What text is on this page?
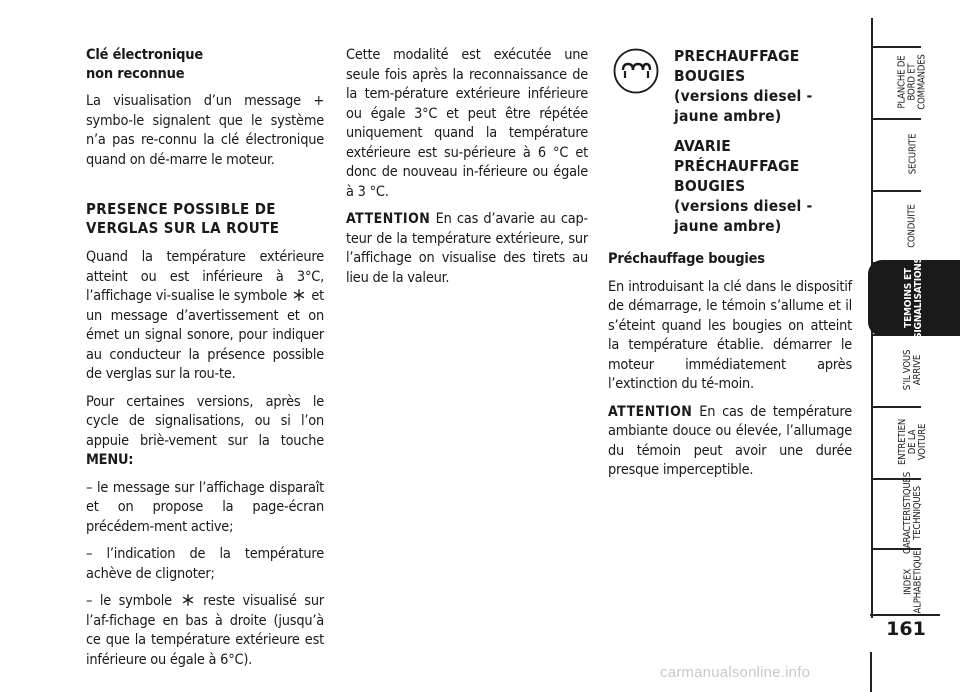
Clé électronique
non reconnue

La visualisation d’un message + symbo-le signalent que le système n’a pas re-connu la clé électronique quand on dé-marre le moteur.

PRESENCE POSSIBLE DE
VERGLAS SUR LA ROUTE

Quand la température extérieure atteint ou est inférieure à 3°C, l’affichage vi-sualise le symbole et un message d’avertissement et on émet un signal sonore, pour indiquer au conducteur la présence possible de verglas sur la rou-te.

Pour certaines versions, après le cycle de signalisations, ou si l’on appuie briè-vement sur la touche MENU:

– le message sur l’affichage disparaît et on propose la page-écran précédem-ment active;

– l’indication de la température achève de clignoter;

– le symbole reste visualisé sur l’af-fichage en bas à droite (jusqu’à ce que la température extérieure est inférieure ou égale à 6°C).

Cette modalité est exécutée une seule fois après la reconnaissance de la tem-pérature extérieure inférieure ou égale 3°C et peut être répétée uniquement quand la température extérieure est su-périeure à 6 °C et donc de nouveau in-férieure ou égale à 3 °C.

ATTENTION En cas d’avarie au cap-teur de la température extérieure, sur l’affichage on visualise des tirets au lieu de la valeur.

PRECHAUFFAGE
BOUGIES
(versions diesel -
jaune ambre)
AVARIE
PRÉCHAUFFAGE
BOUGIES
(versions diesel -
jaune ambre)
Préchauffage bougies

En introduisant la clé dans le dispositif de démarrage, le témoin s’allume et il s’éteint quand les bougies on atteint la température établie. démarrer le moteur immédiatement après l’extinction du té-moin.

ATTENTION En cas de température ambiante douce ou élevée, l’allumage du témoin peut avoir une durée presque imperceptible.

PLANCHE DE
BORD ET
COMMANDES
SECURITE
CONDUITE
TEMOINS ET
SIGNALISATIONS
S’IL VOUS
ARRIVE
ENTRETIEN
DE LA VOITURE
CARACTERISTIQUES
TECHNIQUES
INDEX
ALPHABETIQUE
161
carmanualsonline.info
